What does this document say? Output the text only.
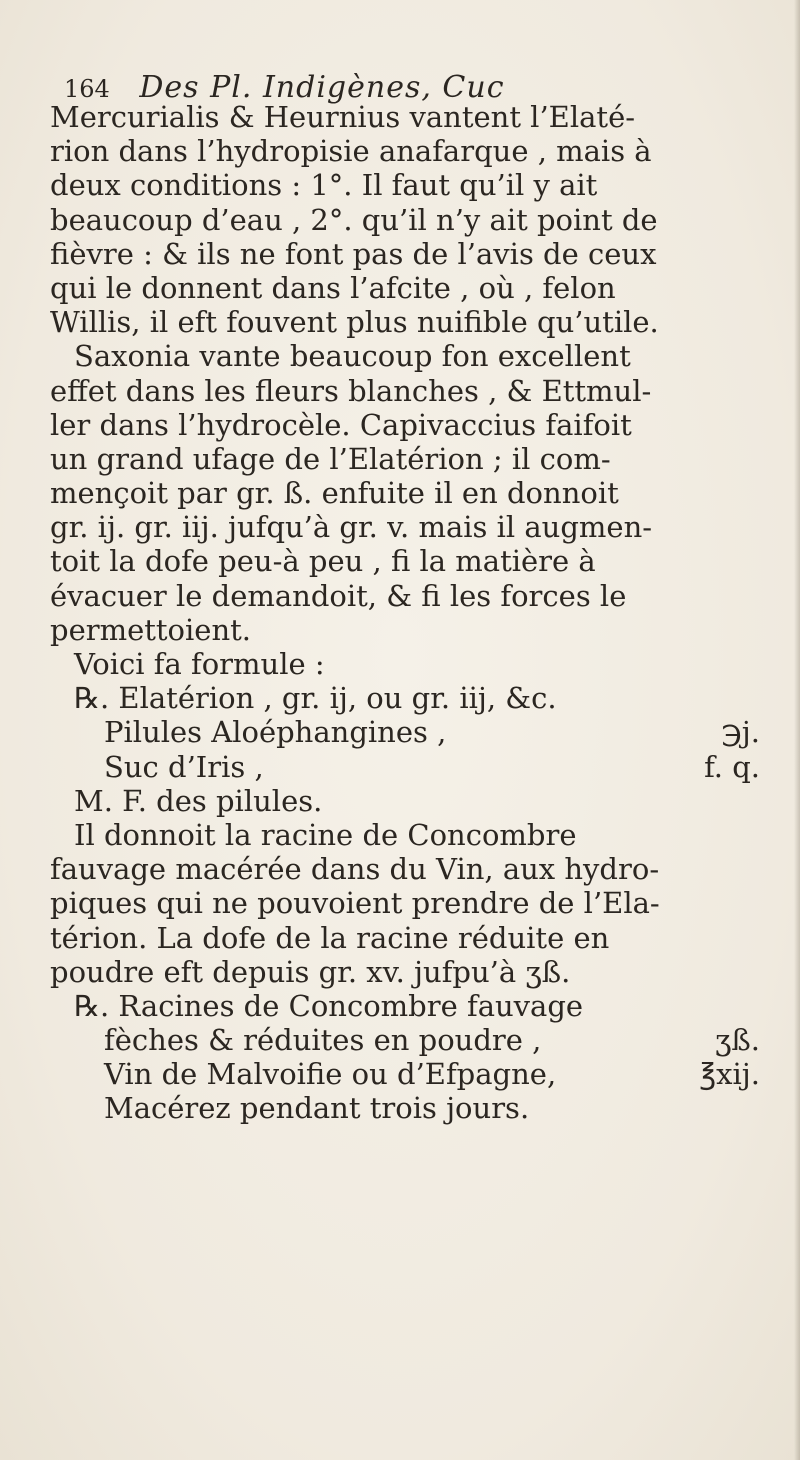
164 Des Pl. Indigènes, Cuc
Mercurialis & Heurnius vantent l’Elaté-
rion dans l’hydropisie anafarque , mais à
deux conditions : 1°. Il faut qu’il y ait
beaucoup d’eau , 2°. qu’il n’y ait point de
fièvre : & ils ne font pas de l’avis de ceux
qui le donnent dans l’afcite , où , felon
Willis, il eft fouvent plus nuifible qu’utile.
Saxonia vante beaucoup fon excellent
effet dans les fleurs blanches , & Ettmul-
ler dans l’hydrocèle. Capivaccius faifoit
un grand ufage de l’Elatérion ; il com-
mençoit par gr. ß. enfuite il en donnoit
gr. ij. gr. iij. jufqu’à gr. v. mais il augmen-
toit la dofe peu-à peu , fi la matière à
évacuer le demandoit, & fi les forces le
permettoient.
Voici fa formule :
℞. Elatérion , gr. ij, ou gr. iij, &c.
Pilules Aloéphangines ,	℈j.
Suc d’Iris ,	f. q.
M. F. des pilules.
Il donnoit la racine de Concombre
fauvage macérée dans du Vin, aux hydro-
piques qui ne pouvoient prendre de l’Ela-
térion. La dofe de la racine réduite en
poudre eft depuis gr. xv. jufpu’à ʒß.
℞. Racines de Concombre fauvage
fèches & réduites en poudre ,	ʒß.
Vin de Malvoifie ou d’Efpagne,	℥xij.
Macérez pendant trois jours.
